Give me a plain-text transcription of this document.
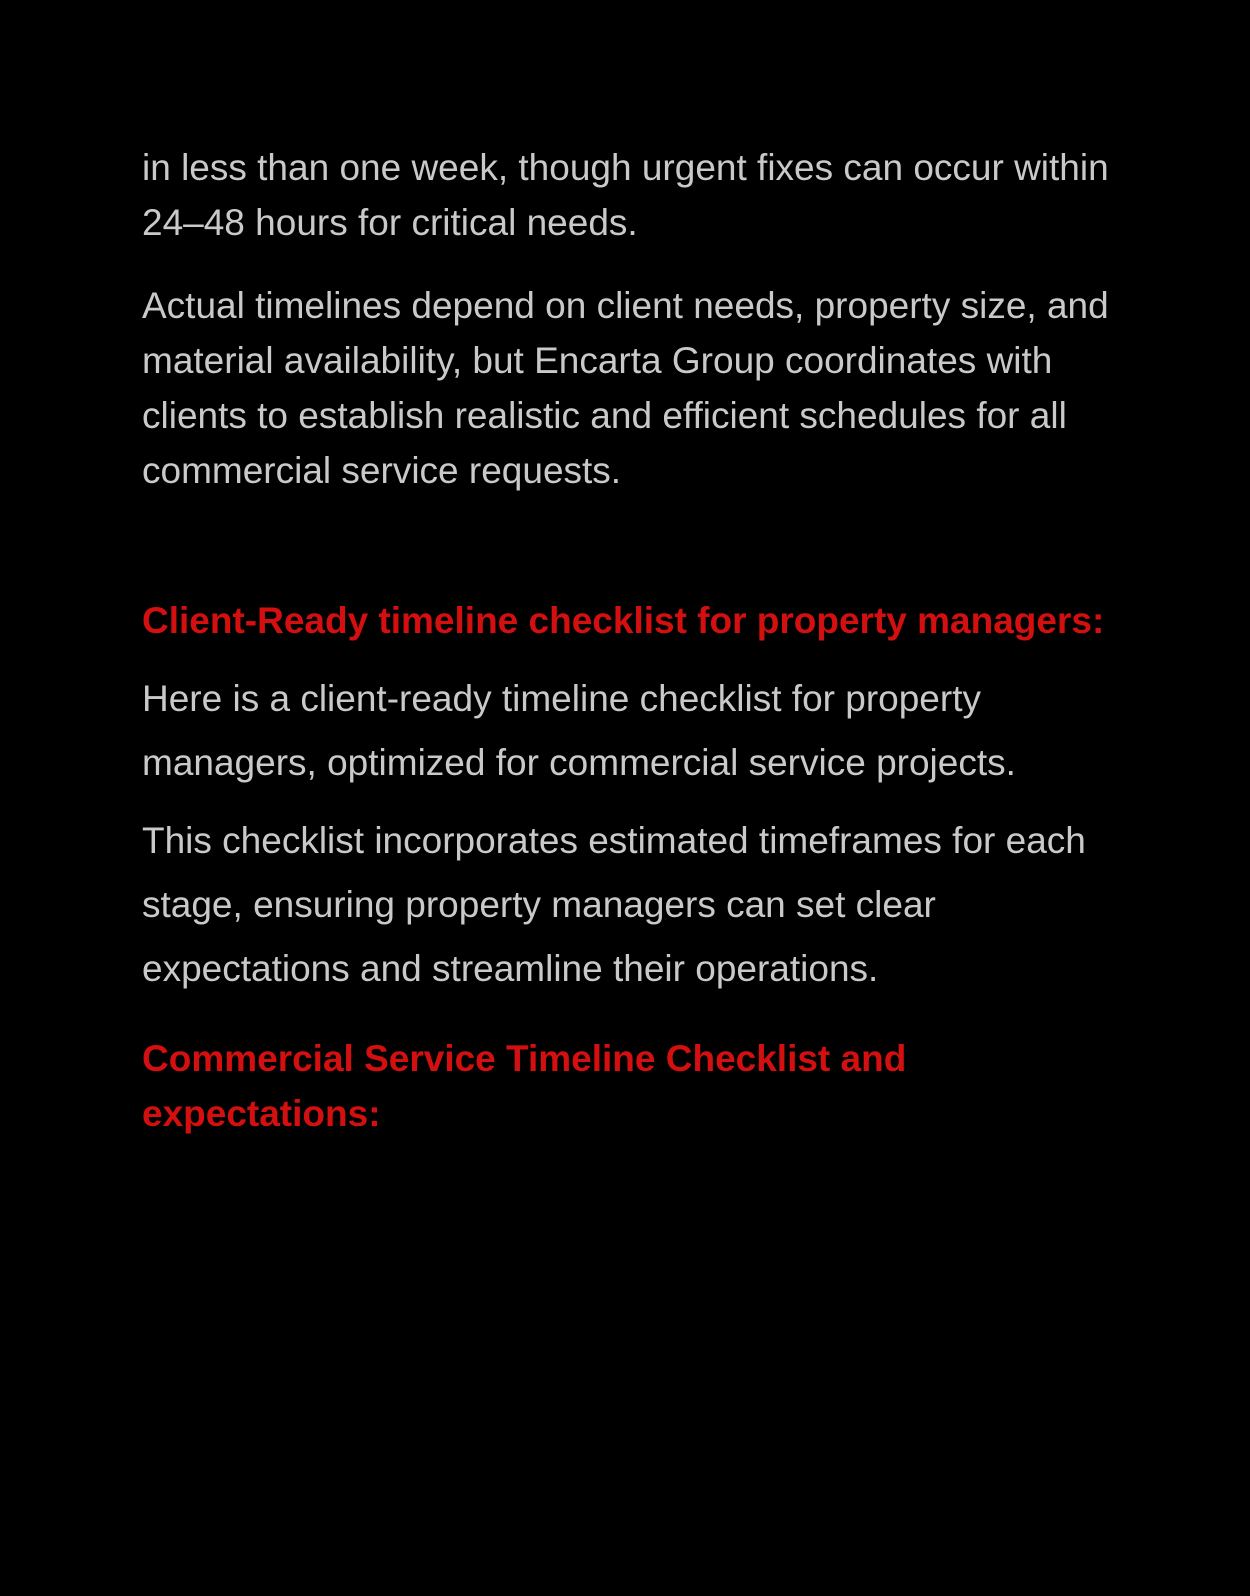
in less than one week, though urgent fixes can occur within 24–48 hours for critical needs.

Actual timelines depend on client needs, property size, and material availability, but Encarta Group coordinates with clients to establish realistic and efficient schedules for all commercial service requests.

Client-Ready timeline checklist for property managers:

Here is a client-ready timeline checklist for property managers, optimized for commercial service projects.

This checklist incorporates estimated timeframes for each stage, ensuring property managers can set clear expectations and streamline their operations.

Commercial Service Timeline Checklist and expectations:
